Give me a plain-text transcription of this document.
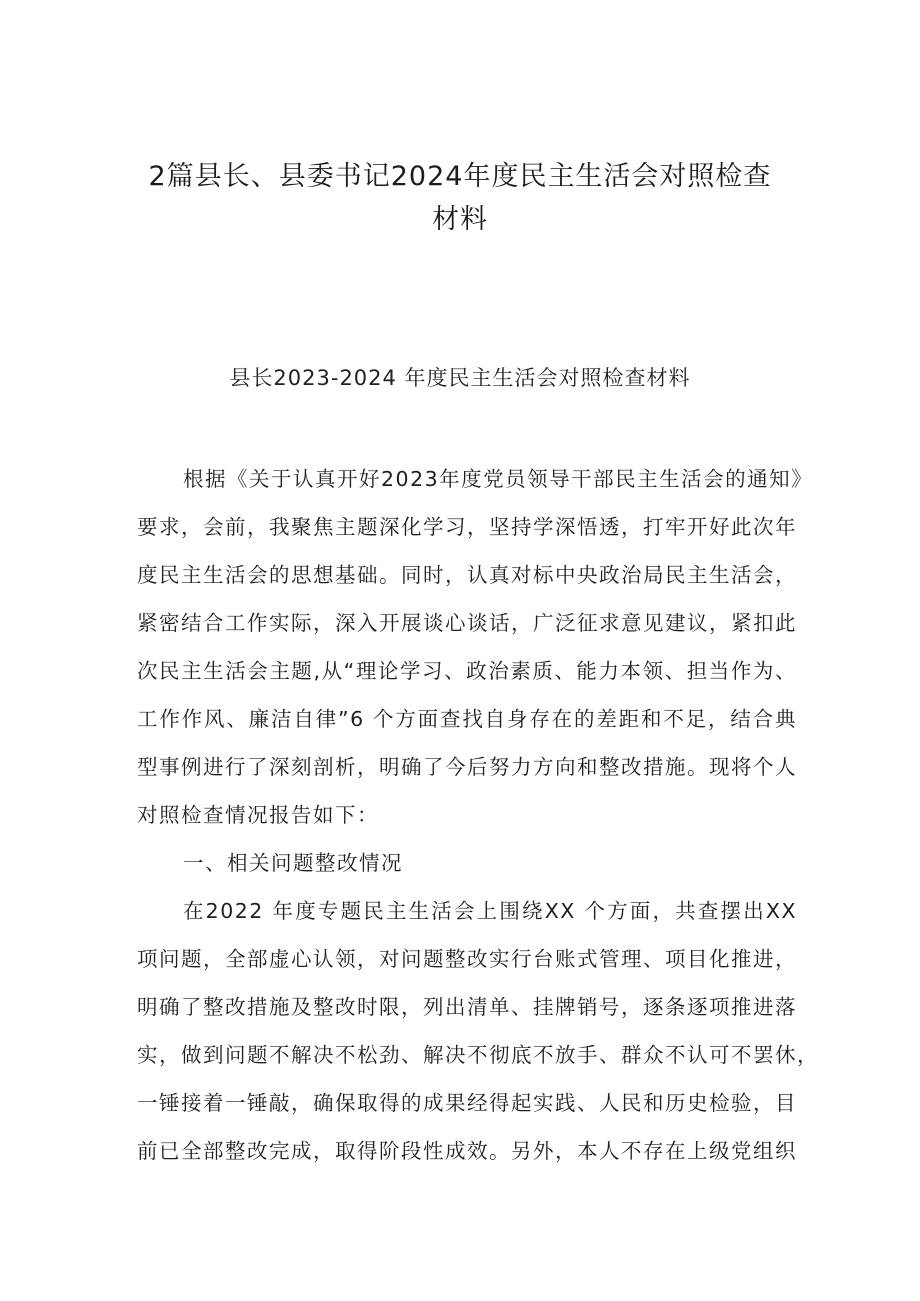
2篇县长、县委书记2024年度民主生活会对照检查
材料
县长2023-2024 年度民主生活会对照检查材料

根据《关于认真开好2023年度党员领导干部民主生活会的通知》
要求，会前，我聚焦主题深化学习，坚持学深悟透，打牢开好此次年
度民主生活会的思想基础。同时，认真对标中央政治局民主生活会，
紧密结合工作实际，深入开展谈心谈话，广泛征求意见建议，紧扣此
次民主生活会主题,从“理论学习、政治素质、能力本领、担当作为、
工作作风、廉洁自律”6 个方面查找自身存在的差距和不足，结合典
型事例进行了深刻剖析，明确了今后努力方向和整改措施。现将个人
对照检查情况报告如下：

一、相关问题整改情况

在2022 年度专题民主生活会上围绕XX 个方面，共查摆出XX
项问题，全部虚心认领，对问题整改实行台账式管理、项目化推进，
明确了整改措施及整改时限，列出清单、挂牌销号，逐条逐项推进落
实，做到问题不解决不松劲、解决不彻底不放手、群众不认可不罢休，
一锤接着一锤敲，确保取得的成果经得起实践、人民和历史检验，目
前已全部整改完成，取得阶段性成效。另外，本人不存在上级党组织
